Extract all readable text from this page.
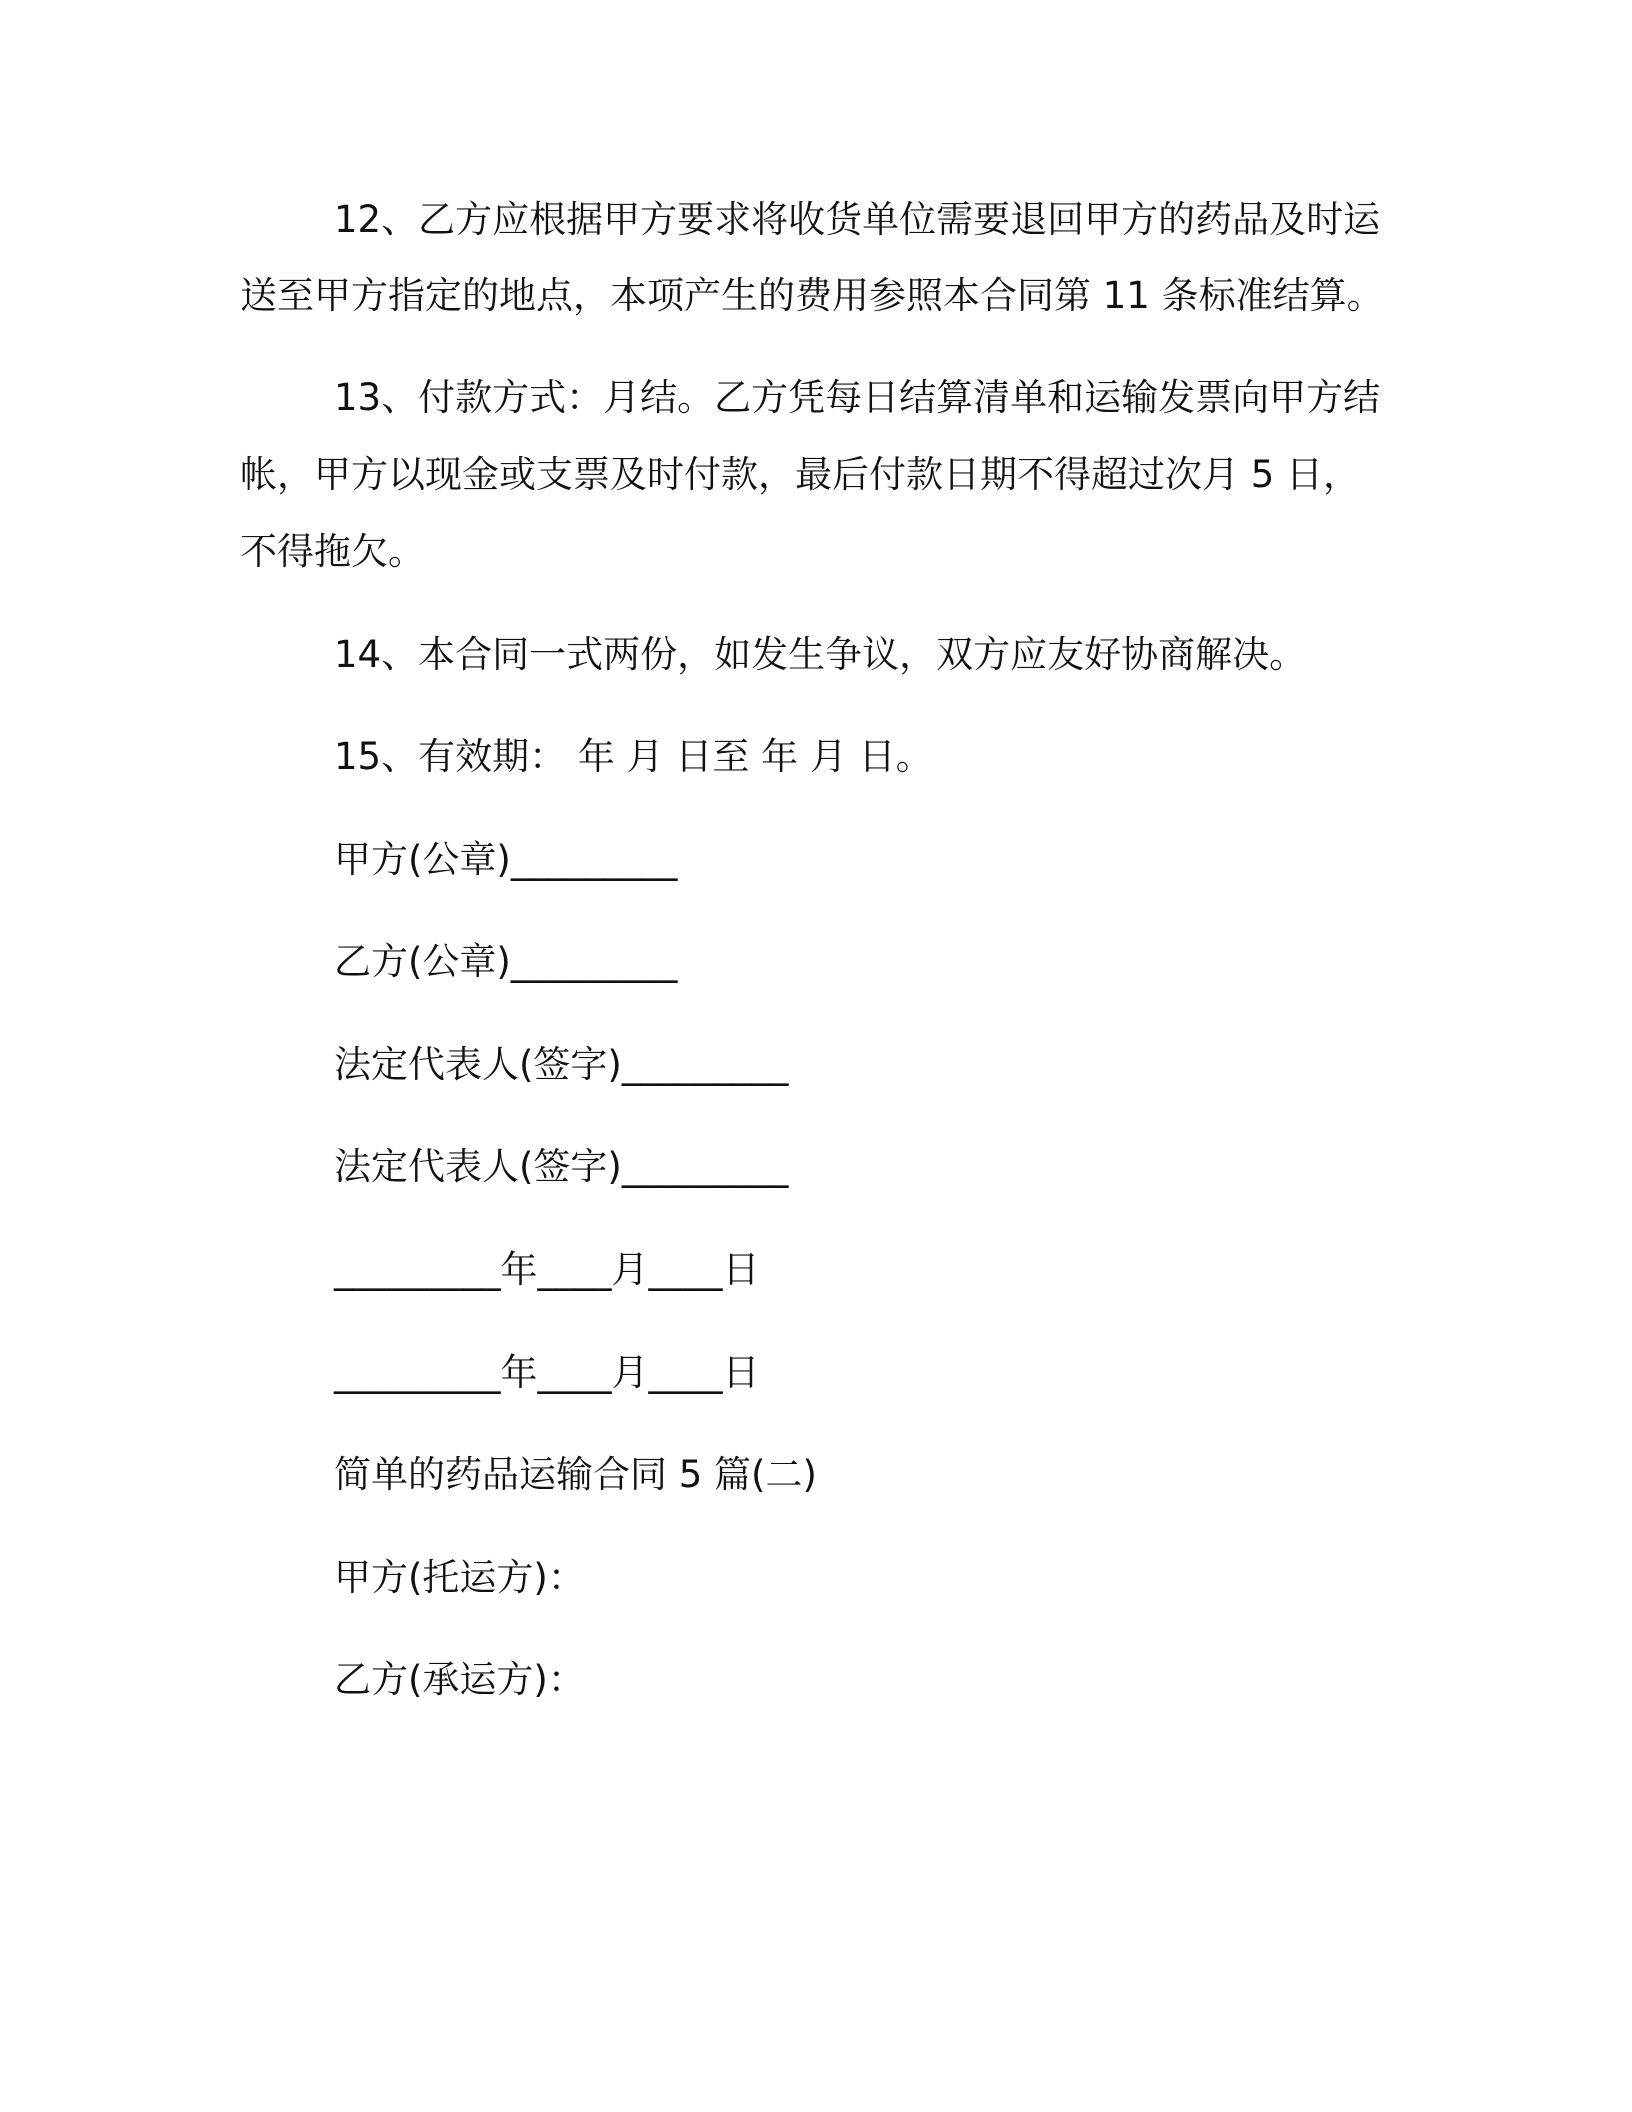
12、乙方应根据甲方要求将收货单位需要退回甲方的药品及时运
送至甲方指定的地点，本项产生的费用参照本合同第 11 条标准结算。
13、付款方式：月结。乙方凭每日结算清单和运输发票向甲方结
帐，甲方以现金或支票及时付款，最后付款日期不得超过次月 5 日，
不得拖欠。
14、本合同一式两份，如发生争议，双方应友好协商解决。
15、有效期： 年 月 日至 年 月 日。
甲方(公章)_________
乙方(公章)_________
法定代表人(签字)_________
法定代表人(签字)_________
_________年____月____日
_________年____月____日
简单的药品运输合同 5 篇(二)
甲方(托运方)：
乙方(承运方)：
